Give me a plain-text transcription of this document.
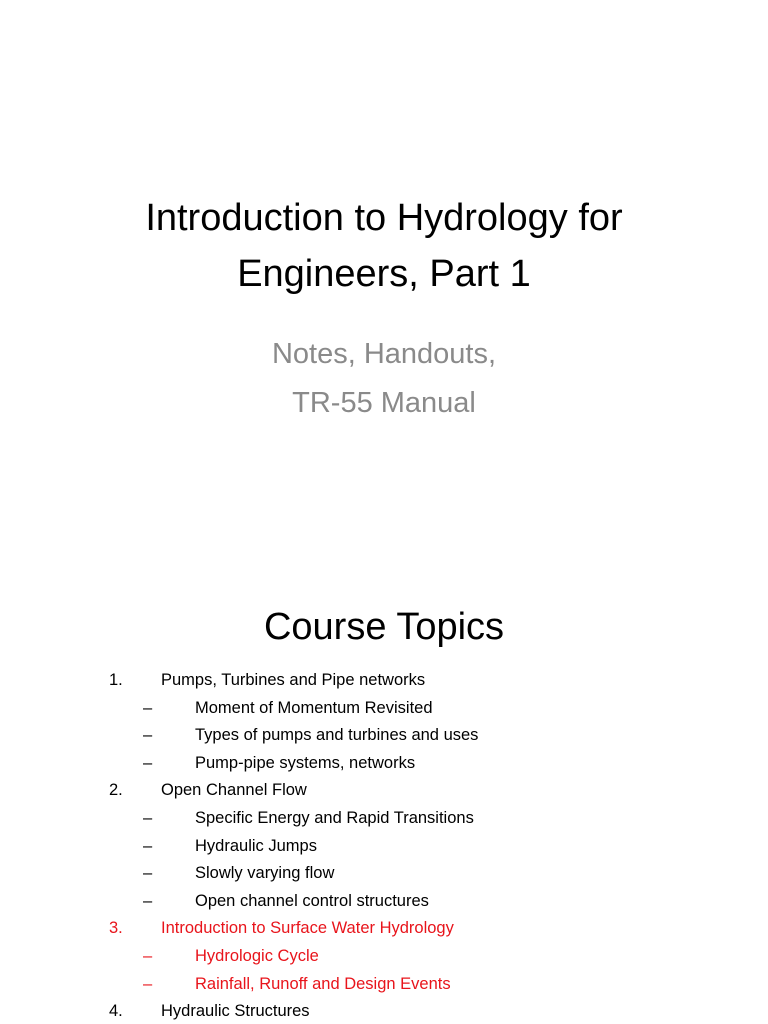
Introduction to Hydrology for
Engineers, Part 1
Notes, Handouts,
TR-55 Manual
Course Topics
1. Pumps, Turbines and Pipe networks
–	Moment of Momentum Revisited
–	Types of pumps and turbines and uses
–	Pump-pipe systems, networks
2. Open Channel Flow
–	Specific Energy and Rapid Transitions
–	Hydraulic Jumps
–	Slowly varying flow
–	Open channel control structures
3. Introduction to Surface Water Hydrology
–	Hydrologic Cycle
–	Rainfall, Runoff and Design Events
4. Hydraulic Structures
